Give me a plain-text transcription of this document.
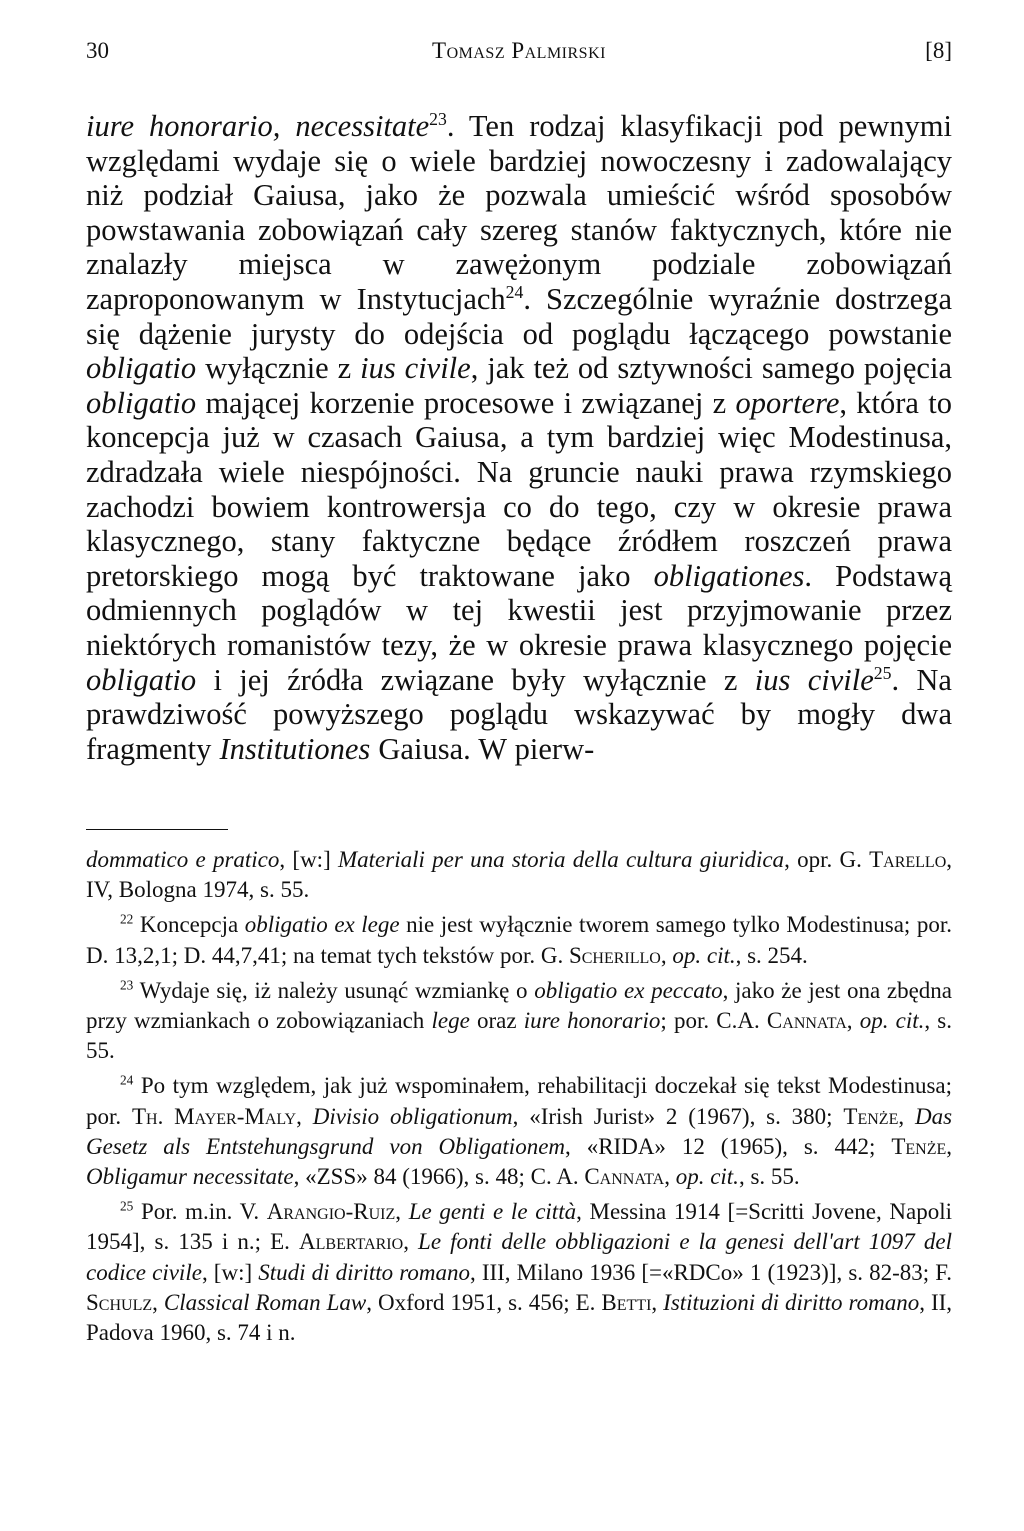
30	Tomasz Palmirski	[8]

iure honorario, necessitate$^{23}$. Ten rodzaj klasyfikacji pod pewnymi względami wydaje się o wiele bardziej nowoczesny i zadowalający niż podział Gaiusa, jako że pozwala umieścić wśród sposobów powstawania zobowiązań cały szereg stanów faktycznych, które nie znalazły miejsca w zawężonym podziale zobowiązań zaproponowanym w Instytucjach$^{24}$. Szczególnie wyraźnie dostrzega się dążenie jurysty do odejścia od poglądu łączącego powstanie obligatio wyłącznie z ius civile, jak też od sztywności samego pojęcia obligatio mającej korzenie procesowe i związanej z oportere, która to koncepcja już w czasach Gaiusa, a tym bardziej więc Modestinusa, zdradzała wiele niespójności. Na gruncie nauki prawa rzymskiego zachodzi bowiem kontrowersja co do tego, czy w okresie prawa klasycznego, stany faktyczne będące źródłem roszczeń prawa pretorskiego mogą być traktowane jako obligationes. Podstawą odmiennych poglądów w tej kwestii jest przyjmowanie przez niektórych romanistów tezy, że w okresie prawa klasycznego pojęcie obligatio i jej źródła związane były wyłącznie z ius civile$^{25}$. Na prawdziwość powyższego poglądu wskazywać by mogły dwa fragmenty Institutiones Gaiusa. W pierw-

dommatico e pratico, [w:] Materiali per una storia della cultura giuridica, opr. G. Tarello, IV, Bologna 1974, s. 55.

$^{22}$ Koncepcja obligatio ex lege nie jest wyłącznie tworem samego tylko Modestinusa; por. D. 13,2,1; D. 44,7,41; na temat tych tekstów por. G. Scherillo, op. cit., s. 254.

$^{23}$ Wydaje się, iż należy usunąć wzmiankę o obligatio ex peccato, jako że jest ona zbędna przy wzmiankach o zobowiązaniach lege oraz iure honorario; por. C.A. Cannata, op. cit., s. 55.

$^{24}$ Po tym względem, jak już wspominałem, rehabilitacji doczekał się tekst Modestinusa; por. Th. Mayer-Maly, Divisio obligationum, «Irish Jurist» 2 (1967), s. 380; Tenże, Das Gesetz als Entstehungsgrund von Obligationem, «RIDA» 12 (1965), s. 442; Tenże, Obligamur necessitate, «ZSS» 84 (1966), s. 48; C. A. Cannata, op. cit., s. 55.

$^{25}$ Por. m.in. V. Arangio-Ruiz, Le genti e le città, Messina 1914 [=Scritti Jovene, Napoli 1954], s. 135 i n.; E. Albertario, Le fonti delle obbligazioni e la genesi dell'art 1097 del codice civile, [w:] Studi di diritto romano, III, Milano 1936 [=«RDCo» 1 (1923)], s. 82-83; F. Schulz, Classical Roman Law, Oxford 1951, s. 456; E. Betti, Istituzioni di diritto romano, II, Padova 1960, s. 74 i n.
